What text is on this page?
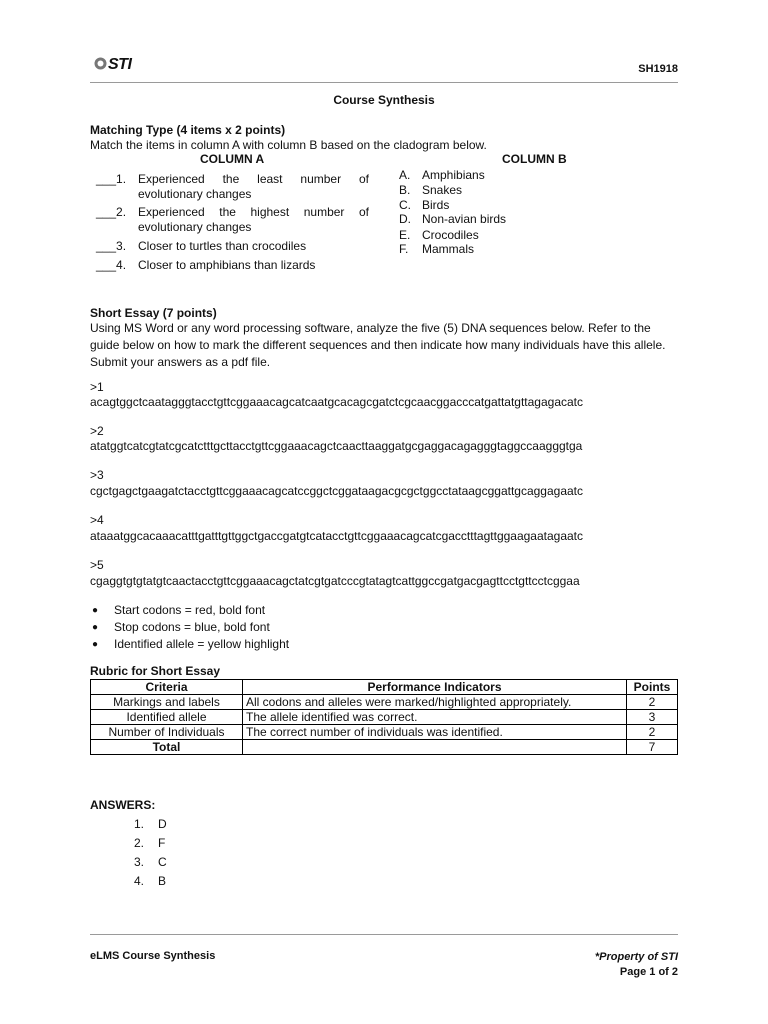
STI	SH1918
Course Synthesis
Matching Type (4 items x 2 points)
Match the items in column A with column B based on the cladogram below.
COLUMN A	COLUMN B
___1. Experienced the least number of evolutionary changes
___2. Experienced the highest number of evolutionary changes
___3. Closer to turtles than crocodiles
___4. Closer to amphibians than lizards
A. Amphibians
B. Snakes
C. Birds
D. Non-avian birds
E. Crocodiles
F.	Mammals
Short Essay (7 points)
Using MS Word or any word processing software, analyze the five (5) DNA sequences below. Refer to the guide below on how to mark the different sequences and then indicate how many individuals have this allele. Submit your answers as a pdf file.
>1
acagtggctcaatagggtacctgttcggaaacagcatcaatgcacagcgatctcgcaacggacccatgattatgttagagacatc
>2
atatggtcatcgtatcgcatctttgcttacctgttcggaaacagctcaacttaaggatgcgaggacagagggtaggccaagggtga
>3
cgctgagctgaagatctacctgttcggaaacagcatccggctcggataagacgcgctggcctataagcggattgcaggagaatc
>4
ataaatggcacaaacatttgatttgttggctgaccgatgtcatacctgttcggaaacagcatcgacctttagttggaagaatagaatc
>5
cgaggtgtgtatgtcaactacctgttcggaaacagctatcgtgatcccgtatagtcattggccgatgacgagttcctgttcctcggaa
●	Start codons = red, bold font
●	Stop codons = blue, bold font
●	Identified allele = yellow highlight
Rubric for Short Essay
Criteria	Performance Indicators	Points
Markings and labels	All codons and alleles were marked/highlighted appropriately.	2
Identified allele	The allele identified was correct.	3
Number of Individuals	The correct number of individuals was identified.	2
Total		7
ANSWERS:
1.	D
2.	F
3.	C
4.	B
eLMS Course Synthesis	*Property of STI
Page 1 of 2
